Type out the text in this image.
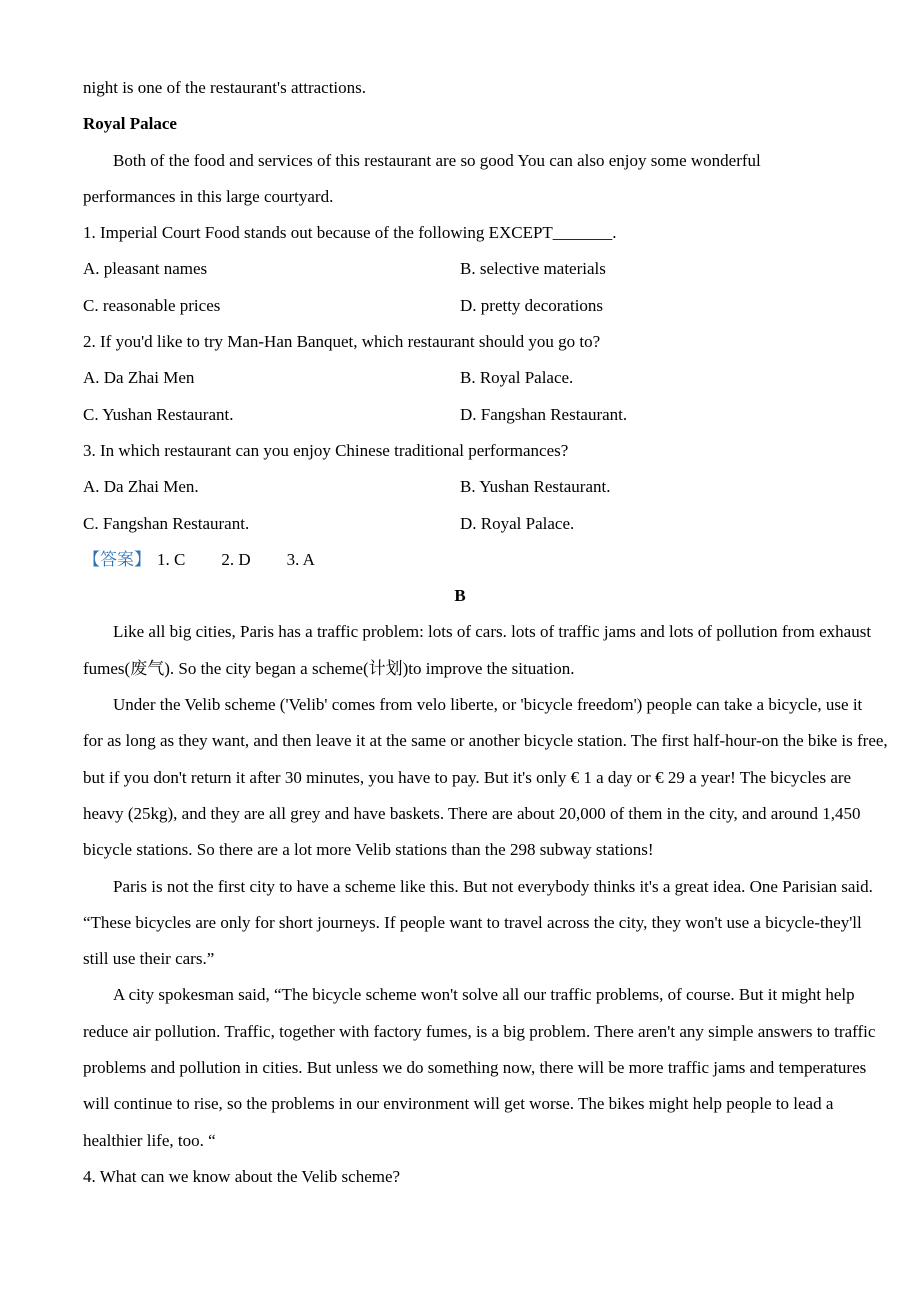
night is one of the restaurant's attractions.
Royal Palace
Both of the food and services of this restaurant are so good You can also enjoy some wonderful
performances in this large courtyard.
1. Imperial Court Food stands out because of the following EXCEPT_______.
A. pleasant names	B. selective materials
C. reasonable prices	D. pretty decorations
2. If you'd like to try Man-Han Banquet, which restaurant should you go to?
A. Da Zhai Men	B. Royal Palace.
C. Yushan Restaurant.	D. Fangshan Restaurant.
3. In which restaurant can you enjoy Chinese traditional performances?
A. Da Zhai Men.	B. Yushan Restaurant.
C. Fangshan Restaurant.	D. Royal Palace.
【答案】 1. C 2. D 3. A
B
Like all big cities, Paris has a traffic problem: lots of cars. lots of traffic jams and lots of pollution from exhaust
fumes(废气). So the city began a scheme(计划)to improve the situation.
Under the Velib scheme ('Velib' comes from velo liberte, or 'bicycle freedom') people can take a bicycle, use it
for as long as they want, and then leave it at the same or another bicycle station. The first half-hour-on the bike is free,
but if you don't return it after 30 minutes, you have to pay. But it's only € 1 a day or € 29 a year! The bicycles are
heavy (25kg), and they are all grey and have baskets. There are about 20,000 of them in the city, and around 1,450
bicycle stations. So there are a lot more Velib stations than the 298 subway stations!
Paris is not the first city to have a scheme like this. But not everybody thinks it's a great idea. One Parisian said.
“These bicycles are only for short journeys. If people want to travel across the city, they won't use a bicycle-they'll
still use their cars.”
A city spokesman said, “The bicycle scheme won't solve all our traffic problems, of course. But it might help
reduce air pollution. Traffic, together with factory fumes, is a big problem. There aren't any simple answers to traffic
problems and pollution in cities. But unless we do something now, there will be more traffic jams and temperatures
will continue to rise, so the problems in our environment will get worse. The bikes might help people to lead a
healthier life, too. “
4. What can we know about the Velib scheme?
